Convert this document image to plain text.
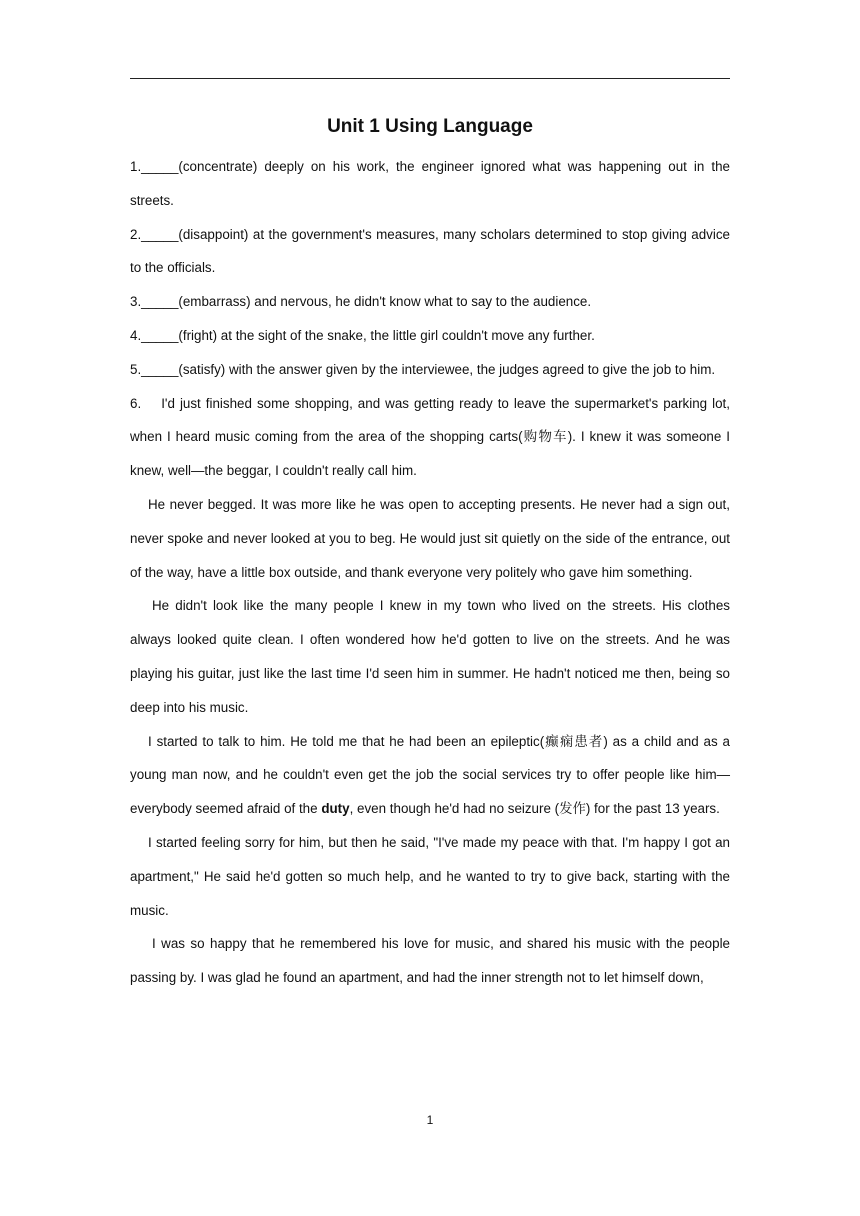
Unit 1 Using Language

1._____(concentrate) deeply on his work, the engineer ignored what was happening out in the streets.

2._____(disappoint) at the government's measures, many scholars determined to stop giving advice to the officials.

3._____(embarrass) and nervous, he didn't know what to say to the audience.

4._____(fright) at the sight of the snake, the little girl couldn't move any further.

5._____(satisfy) with the answer given by the interviewee, the judges agreed to give the job to him.

6.    I'd just finished some shopping, and was getting ready to leave the supermarket's parking lot, when I heard music coming from the area of the shopping carts(购物车). I knew it was someone I knew, well—the beggar, I couldn't really call him.

He never begged. It was more like he was open to accepting presents. He never had a sign out, never spoke and never looked at you to beg. He would just sit quietly on the side of the entrance, out of the way, have a little box outside, and thank everyone very politely who gave him something.

He didn't look like the many people I knew in my town who lived on the streets. His clothes always looked quite clean. I often wondered how he'd gotten to live on the streets. And he was playing his guitar, just like the last time I'd seen him in summer. He hadn't noticed me then, being so deep into his music.

I started to talk to him. He told me that he had been an epileptic(癫痫患者) as a child and as a young man now, and he couldn't even get the job the social services try to offer people like him—everybody seemed afraid of the duty, even though he'd had no seizure (发作) for the past 13 years.

I started feeling sorry for him, but then he said, "I've made my peace with that. I'm happy I got an apartment," He said he'd gotten so much help, and he wanted to try to give back, starting with the music.

I was so happy that he remembered his love for music, and shared his music with the people passing by. I was glad he found an apartment, and had the inner strength not to let himself down,

1
